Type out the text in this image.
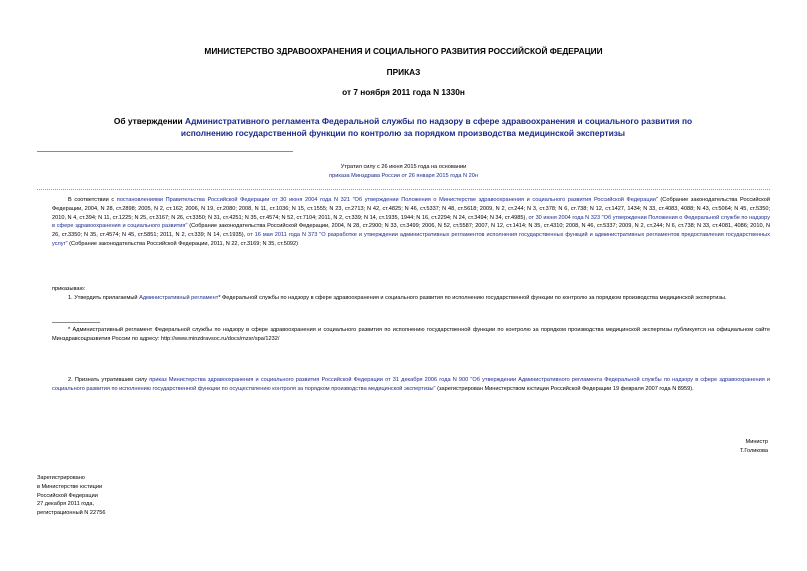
МИНИСТЕРСТВО ЗДРАВООХРАНЕНИЯ И СОЦИАЛЬНОГО РАЗВИТИЯ РОССИЙСКОЙ ФЕДЕРАЦИИ
ПРИКАЗ
от 7 ноября 2011 года N 1330н
Об утверждении Административного регламента Федеральной службы по надзору в сфере здравоохранения и социального развития по исполнению государственной функции по контролю за порядком производства медицинской экспертизы
Утратил силу с 26 июня 2015 года на основании
приказа Минздрава России от 26 января 2015 года N 20н
В соответствии с постановлениями Правительства Российской Федерации от 30 июня 2004 года N 321 "Об утверждении Положения о Министерстве здравоохранения и социального развития Российской Федерации" (Собрание законодательства Российской Федерации, 2004, N 28, ст.2898; 2005, N 2, ст.162; 2006, N 19, ст.2080; 2008, N 11, ст.1036; N 15, ст.1555; N 23, ст.2713; N 42, ст.4825; N 46, ст.5337; N 48, ст.5618; 2009, N 2, ст.244; N 3, ст.378; N 6, ст.738; N 12, ст.1427, 1434; N 33, ст.4083, 4088; N 43, ст.5064; N 45, ст.5350; 2010, N 4, ст.394; N 11, ст.1225; N 25, ст.3167; N 26, ст.3350; N 31, ст.4251; N 35, ст.4574; N 52, ст.7104; 2011, N 2, ст.339; N 14, ст.1935, 1944; N 16, ст.2294; N 24, ст.3494; N 34, ст.4985), от 30 июня 2004 года N 323 "Об утверждении Положения о Федеральной службе по надзору в сфере здравоохранения и социального развития" (Собрание законодательства Российской Федерации, 2004, N 28, ст.2900; N 33, ст.3499; 2006, N 52, ст.5587; 2007, N 12, ст.1414; N 35, ст.4310; 2008, N 46, ст.5337; 2009, N 2, ст.244; N 6, ст.738; N 33, ст.4081, 4086; 2010, N 26, ст.3350; N 35, ст.4574; N 45, ст.5851; 2011, N 2, ст.339; N 14, ст.1935), от 16 мая 2011 года N 373 "О разработке и утверждении административных регламентов исполнения государственных функций и административных регламентов предоставления государственных услуг" (Собрание законодательства Российской Федерации, 2011, N 22, ст.3169; N 35, ст.5092)
приказываю:
1. Утвердить прилагаемый Административный регламент* Федеральной службы по надзору в сфере здравоохранения и социального развития по исполнению государственной функции по контролю за порядком производства медицинской экспертизы.
* Административный регламент Федеральной службы по надзору в сфере здравоохранения и социального развития по исполнению государственной функции по контролю за порядком производства медицинской экспертизы публикуется на официальном сайте Минздравсоцразвития России по адресу: http://www.minzdravsoc.ru/docs/mzsr/spa/1232/
2. Признать утратившим силу приказ Министерства здравоохранения и социального развития Российской Федерации от 31 декабря 2006 года N 900 "Об утверждении Административного регламента Федеральной службы по надзору в сфере здравоохранения и социального развития по исполнению государственной функции по осуществлению контроля за порядком производства медицинской экспертизы" (зарегистрирован Министерством юстиции Российской Федерации 19 февраля 2007 года N 8959).
Министр
Т.Голикова
Зарегистрировано
в Министерстве юстиции
Российской Федерации
27 декабря 2011 года,
регистрационный N 22756
